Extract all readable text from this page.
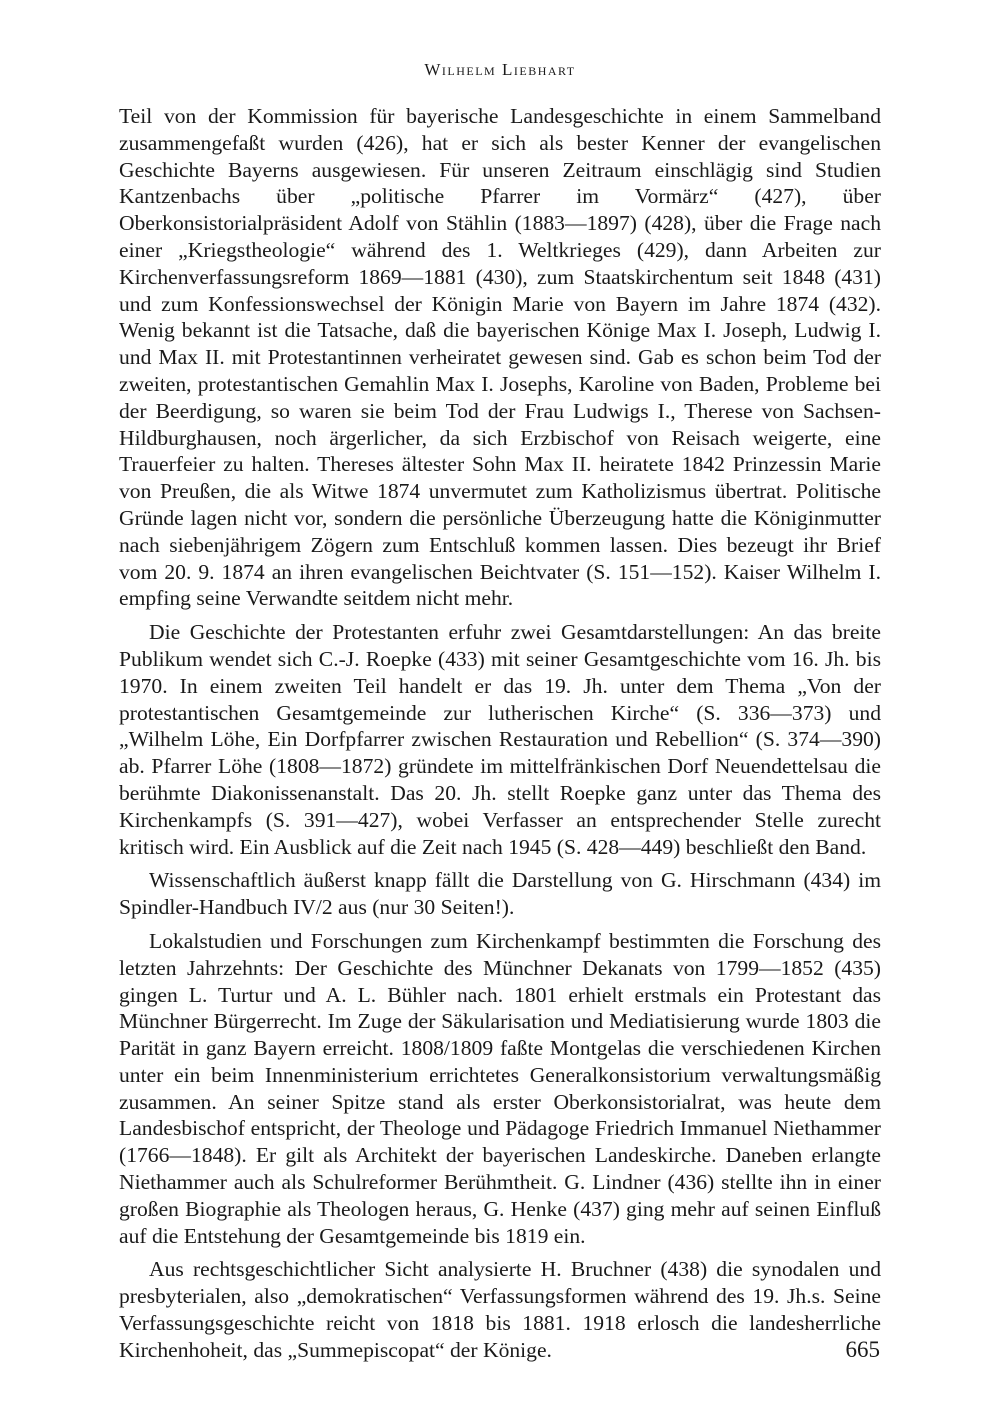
Wilhelm Liebhart

Teil von der Kommission für bayerische Landesgeschichte in einem Sammelband zusammengefaßt wurden (426), hat er sich als bester Kenner der evangelischen Geschichte Bayerns ausgewiesen. Für unseren Zeitraum einschlägig sind Studien Kantzenbachs über „politische Pfarrer im Vormärz“ (427), über Oberkonsistorialpräsident Adolf von Stählin (1883—1897) (428), über die Frage nach einer „Kriegstheologie“ während des 1. Weltkrieges (429), dann Arbeiten zur Kirchenverfassungsreform 1869—1881 (430), zum Staatskirchentum seit 1848 (431) und zum Konfessionswechsel der Königin Marie von Bayern im Jahre 1874 (432). Wenig bekannt ist die Tatsache, daß die bayerischen Könige Max I. Joseph, Ludwig I. und Max II. mit Protestantinnen verheiratet gewesen sind. Gab es schon beim Tod der zweiten, protestantischen Gemahlin Max I. Josephs, Karoline von Baden, Probleme bei der Beerdigung, so waren sie beim Tod der Frau Ludwigs I., Therese von Sachsen-Hildburghausen, noch ärgerlicher, da sich Erzbischof von Reisach weigerte, eine Trauerfeier zu halten. Thereses ältester Sohn Max II. heiratete 1842 Prinzessin Marie von Preußen, die als Witwe 1874 unvermutet zum Katholizismus übertrat. Politische Gründe lagen nicht vor, sondern die persönliche Überzeugung hatte die Königinmutter nach siebenjährigem Zögern zum Entschluß kommen lassen. Dies bezeugt ihr Brief vom 20. 9. 1874 an ihren evangelischen Beichtvater (S. 151—152). Kaiser Wilhelm I. empfing seine Verwandte seitdem nicht mehr.

Die Geschichte der Protestanten erfuhr zwei Gesamtdarstellungen: An das breite Publikum wendet sich C.-J. Roepke (433) mit seiner Gesamtgeschichte vom 16. Jh. bis 1970. In einem zweiten Teil handelt er das 19. Jh. unter dem Thema „Von der protestantischen Gesamtgemeinde zur lutherischen Kirche“ (S. 336—373) und „Wilhelm Löhe, Ein Dorfpfarrer zwischen Restauration und Rebellion“ (S. 374—390) ab. Pfarrer Löhe (1808—1872) gründete im mittelfränkischen Dorf Neuendettelsau die berühmte Diakonissenanstalt. Das 20. Jh. stellt Roepke ganz unter das Thema des Kirchenkampfs (S. 391—427), wobei Verfasser an entsprechender Stelle zurecht kritisch wird. Ein Ausblick auf die Zeit nach 1945 (S. 428—449) beschließt den Band.

Wissenschaftlich äußerst knapp fällt die Darstellung von G. Hirschmann (434) im Spindler-Handbuch IV/2 aus (nur 30 Seiten!).

Lokalstudien und Forschungen zum Kirchenkampf bestimmten die Forschung des letzten Jahrzehnts: Der Geschichte des Münchner Dekanats von 1799—1852 (435) gingen L. Turtur und A. L. Bühler nach. 1801 erhielt erstmals ein Protestant das Münchner Bürgerrecht. Im Zuge der Säkularisation und Mediatisierung wurde 1803 die Parität in ganz Bayern erreicht. 1808/1809 faßte Montgelas die verschiedenen Kirchen unter ein beim Innenministerium errichtetes Generalkonsistorium verwaltungsmäßig zusammen. An seiner Spitze stand als erster Oberkonsistorialrat, was heute dem Landesbischof entspricht, der Theologe und Pädagoge Friedrich Immanuel Niethammer (1766—1848). Er gilt als Architekt der bayerischen Landeskirche. Daneben erlangte Niethammer auch als Schulreformer Berühmtheit. G. Lindner (436) stellte ihn in einer großen Biographie als Theologen heraus, G. Henke (437) ging mehr auf seinen Einfluß auf die Entstehung der Gesamtgemeinde bis 1819 ein.

Aus rechtsgeschichtlicher Sicht analysierte H. Bruchner (438) die synodalen und presbyterialen, also „demokratischen“ Verfassungsformen während des 19. Jh.s. Seine Verfassungsgeschichte reicht von 1818 bis 1881. 1918 erlosch die landesherrliche Kirchenhoheit, das „Summepiscopat“ der Könige.	665
